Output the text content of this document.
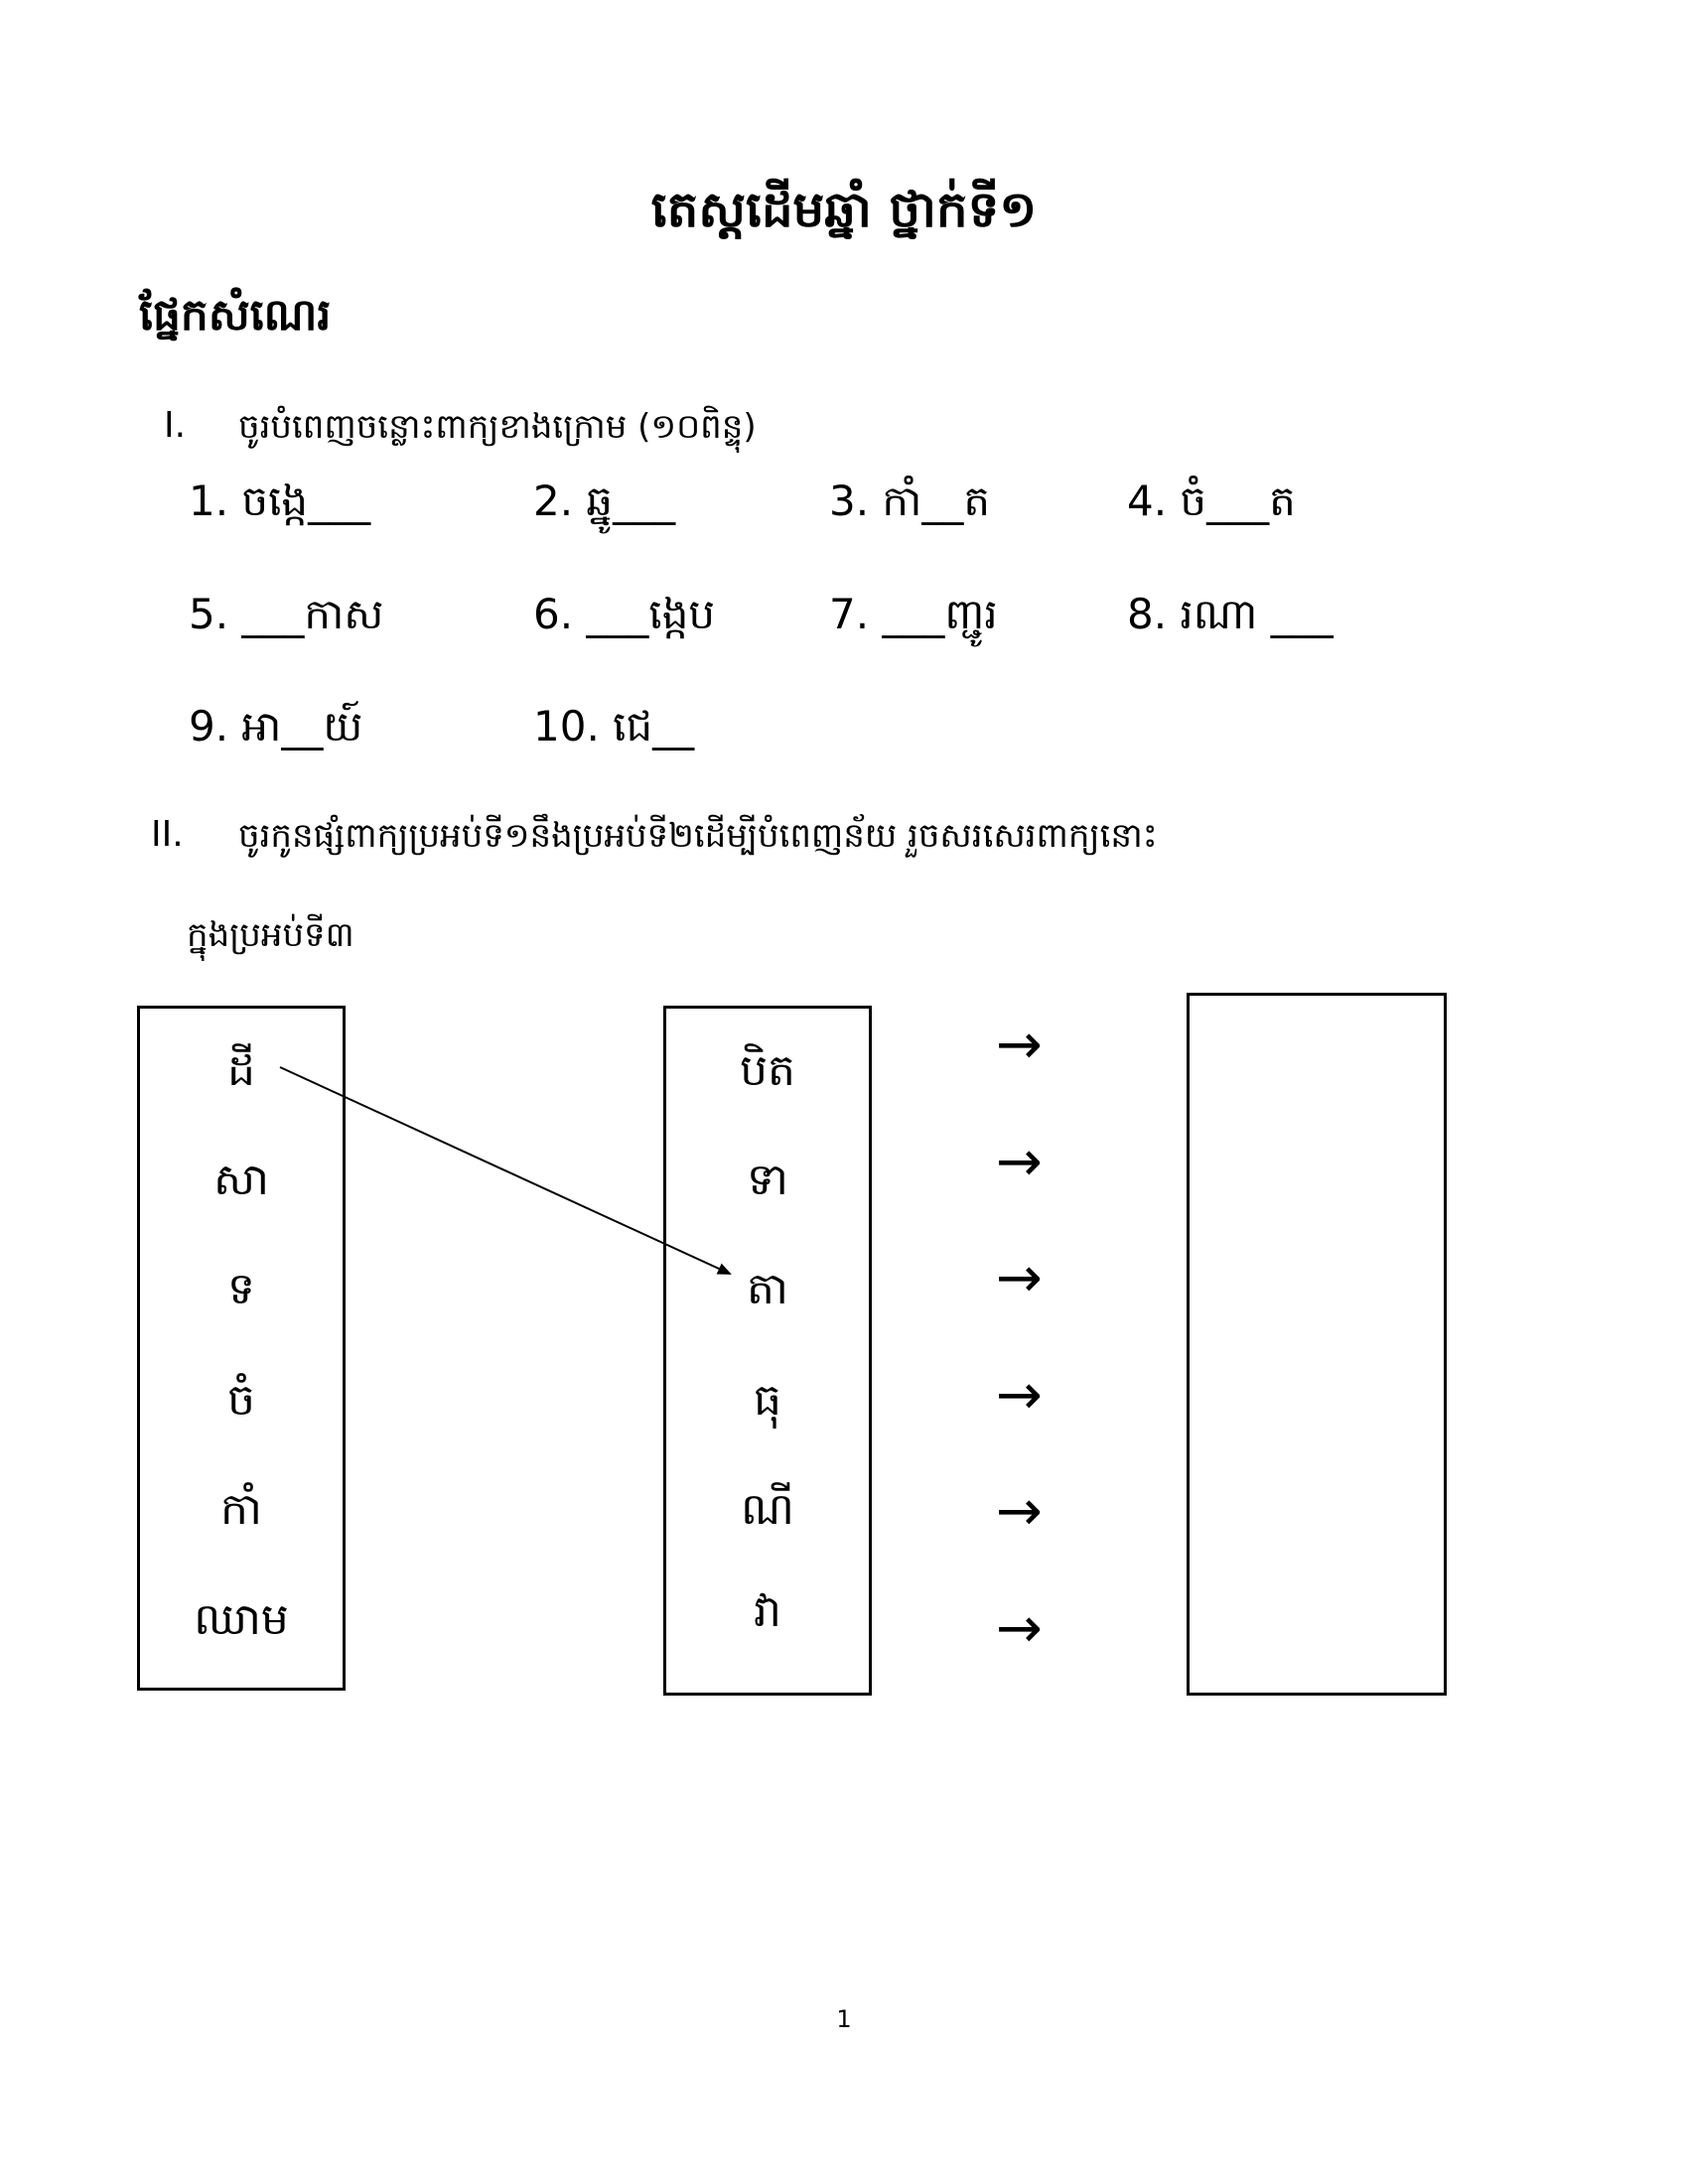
តេស្តដើមឆ្នាំ ថ្នាក់ទី១
ផ្នែកសំណេរ
I. ចូរបំពេញចន្លោះពាក្យខាងក្រោម (១០ពិន្ទុ)
1. ចង្កេ___	2. ឆ្នូ___	3. កាំ__ត	4. ចំ___ត
5. ___កាស	6. ___ង្កេប	7. ___ញ្ជូរ	8. រណា ___
9. អា__យ៍	10. ជេ__
II. ចូរកូនផ្សំពាក្យប្រអប់ទី១នឹងប្រអប់ទី២ដើម្បីបំពេញន័យ រួចសរសេរពាក្យនោះ
ក្នុងប្រអប់ទី៣
ដី
សា
ទ
ចំ
កាំ
ឈាម
បិត
ទា
តា
ធុ
ណី
វា
→
→
→
→
→
→
1
